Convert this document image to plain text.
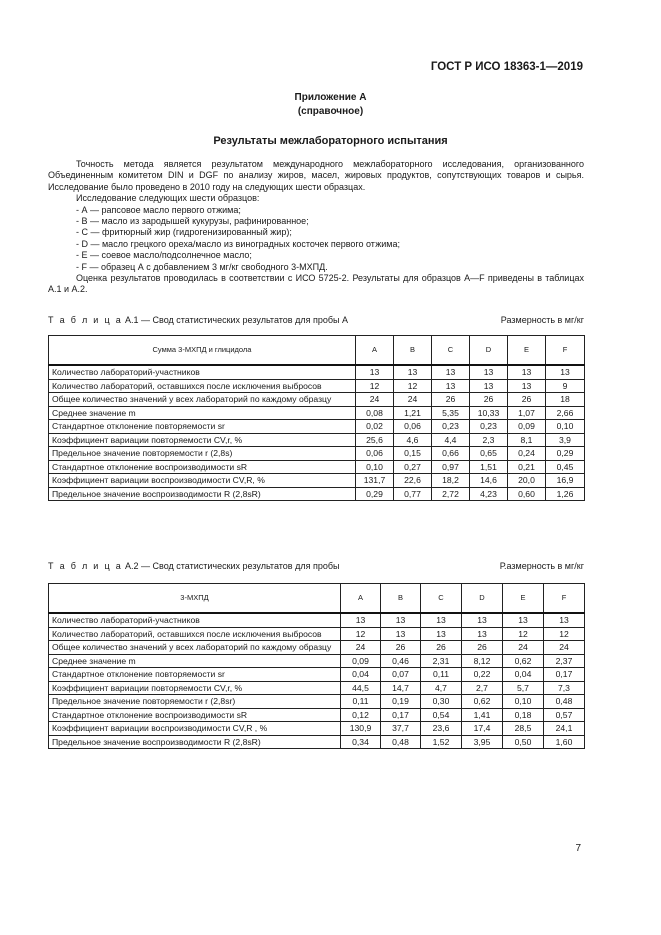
ГОСТ Р ИСО 18363-1—2019
Приложение А
(справочное)
Результаты межлабораторного испытания

Точность метода является результатом международного межлабораторного исследования, организованного Объединенным комитетом DIN и DGF по анализу жиров, масел, жировых продуктов, сопутствующих товаров и сырья. Исследование было проведено в 2010 году на следующих шести образцах.

Исследование следующих шести образцов:

- А — рапсовое масло первого отжима;

- В — масло из зародышей кукурузы, рафинированное;

- С — фритюрный жир (гидрогенизированный жир);

- D — масло грецкого ореха/масло из виноградных косточек первого отжима;

- Е — соевое масло/подсолнечное масло;

- F — образец А с добавлением 3 мг/кг свободного 3-МХПД.

Оценка результатов проводилась в соответствии с ИСО 5725-2. Результаты для образцов А—F приведены в таблицах А.1 и А.2.

Т а б л и ц а А.1 — Свод статистических результатов для пробы А	Размерность в мг/кг
Сумма 3-МХПД и глицидола	A	B	C	D	E	F
Количество лабораторий-участников	13	13	13	13	13	13
Количество лабораторий, оставшихся после исключения выбросов	12	12	13	13	13	9
Общее количество значений у всех лабораторий по каждому образцу	24	24	26	26	26	18
Среднее значение m	0,08	1,21	5,35	10,33	1,07	2,66
Стандартное отклонение повторяемости sr	0,02	0,06	0,23	0,23	0,09	0,10
Коэффициент вариации повторяемости CV,r, %	25,6	4,6	4,4	2,3	8,1	3,9
Предельное значение повторяемости r (2,8s)	0,06	0,15	0,66	0,65	0,24	0,29
Стандартное отклонение воспроизводимости sR	0,10	0,27	0,97	1,51	0,21	0,45
Коэффициент вариации воспроизводимости CV,R, %	131,7	22,6	18,2	14,6	20,0	16,9
Предельное значение воспроизводимости R (2,8sR)	0,29	0,77	2,72	4,23	0,60	1,26
Т а б л и ц а А.2 — Свод статистических результатов для пробы	Р.азмерность в мг/кг
3-МХПД	A	B	C	D	E	F
Количество лабораторий-участников	13	13	13	13	13	13
Количество лабораторий, оставшихся после исключения выбросов	12	13	13	13	12	12
Общее количество значений у всех лабораторий по каждому образцу	24	26	26	26	24	24
Среднее значение m	0,09	0,46	2,31	8,12	0,62	2,37
Стандартное отклонение повторяемости sr	0,04	0,07	0,11	0,22	0,04	0,17
Коэффициент вариации повторяемости CV,r, %	44,5	14,7	4,7	2,7	5,7	7,3
Предельное значение повторяемости r (2,8sr)	0,11	0,19	0,30	0,62	0,10	0,48
Стандартное отклонение воспроизводимости sR	0,12	0,17	0,54	1,41	0,18	0,57
Коэффициент вариации воспроизводимости CV,R , %	130,9	37,7	23,6	17,4	28,5	24,1
Предельное значение воспроизводимости R (2,8sR)	0,34	0,48	1,52	3,95	0,50	1,60
7
